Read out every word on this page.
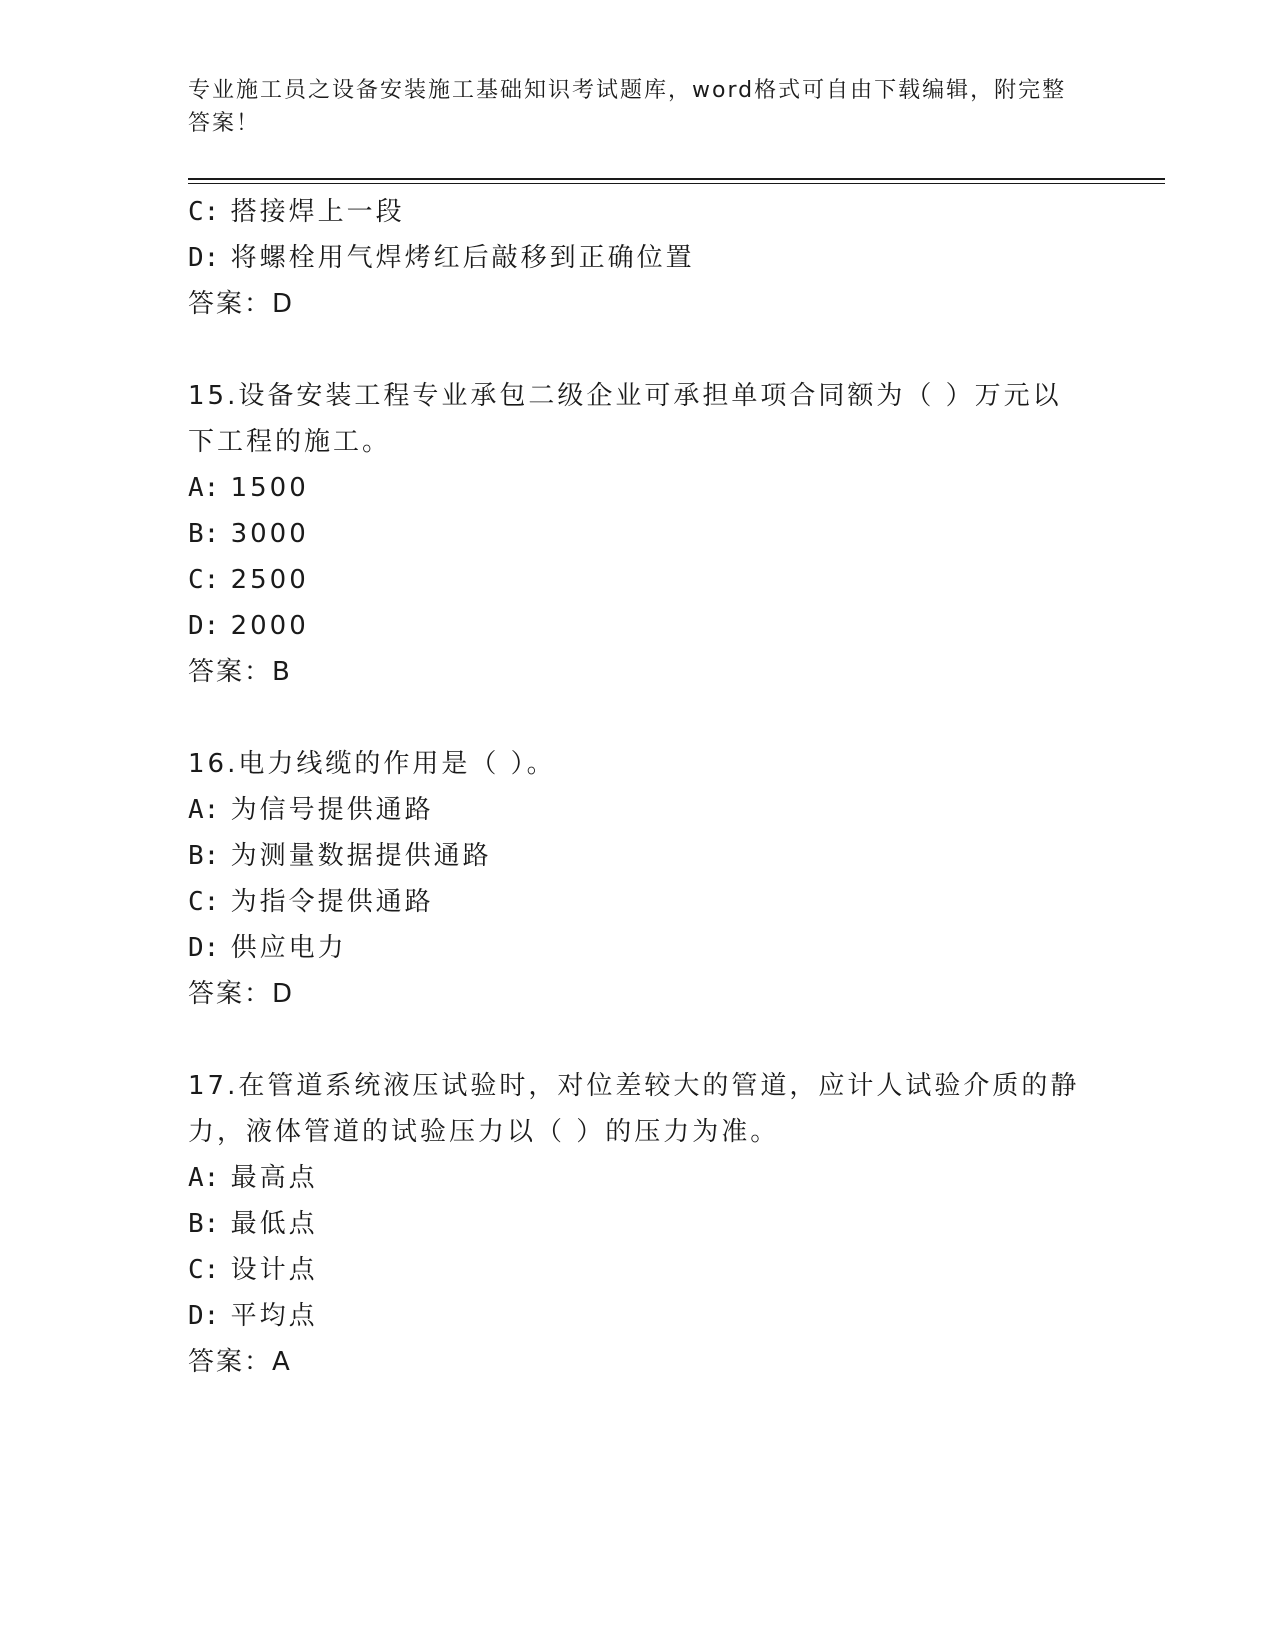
专业施工员之设备安装施工基础知识考试题库，word格式可自由下载编辑，附完整答案！
C: 搭接焊上一段
D: 将螺栓用气焊烤红后敲移到正确位置
答案：D
15.设备安装工程专业承包二级企业可承担单项合同额为（ ）万元以
下工程的施工。
A: 1500
B: 3000
C: 2500
D: 2000
答案：B
16.电力线缆的作用是（ ）。
A: 为信号提供通路
B: 为测量数据提供通路
C: 为指令提供通路
D: 供应电力
答案：D
17.在管道系统液压试验时，对位差较大的管道，应计人试验介质的静
力，液体管道的试验压力以（ ）的压力为准。
A: 最高点
B: 最低点
C: 设计点
D: 平均点
答案：A
